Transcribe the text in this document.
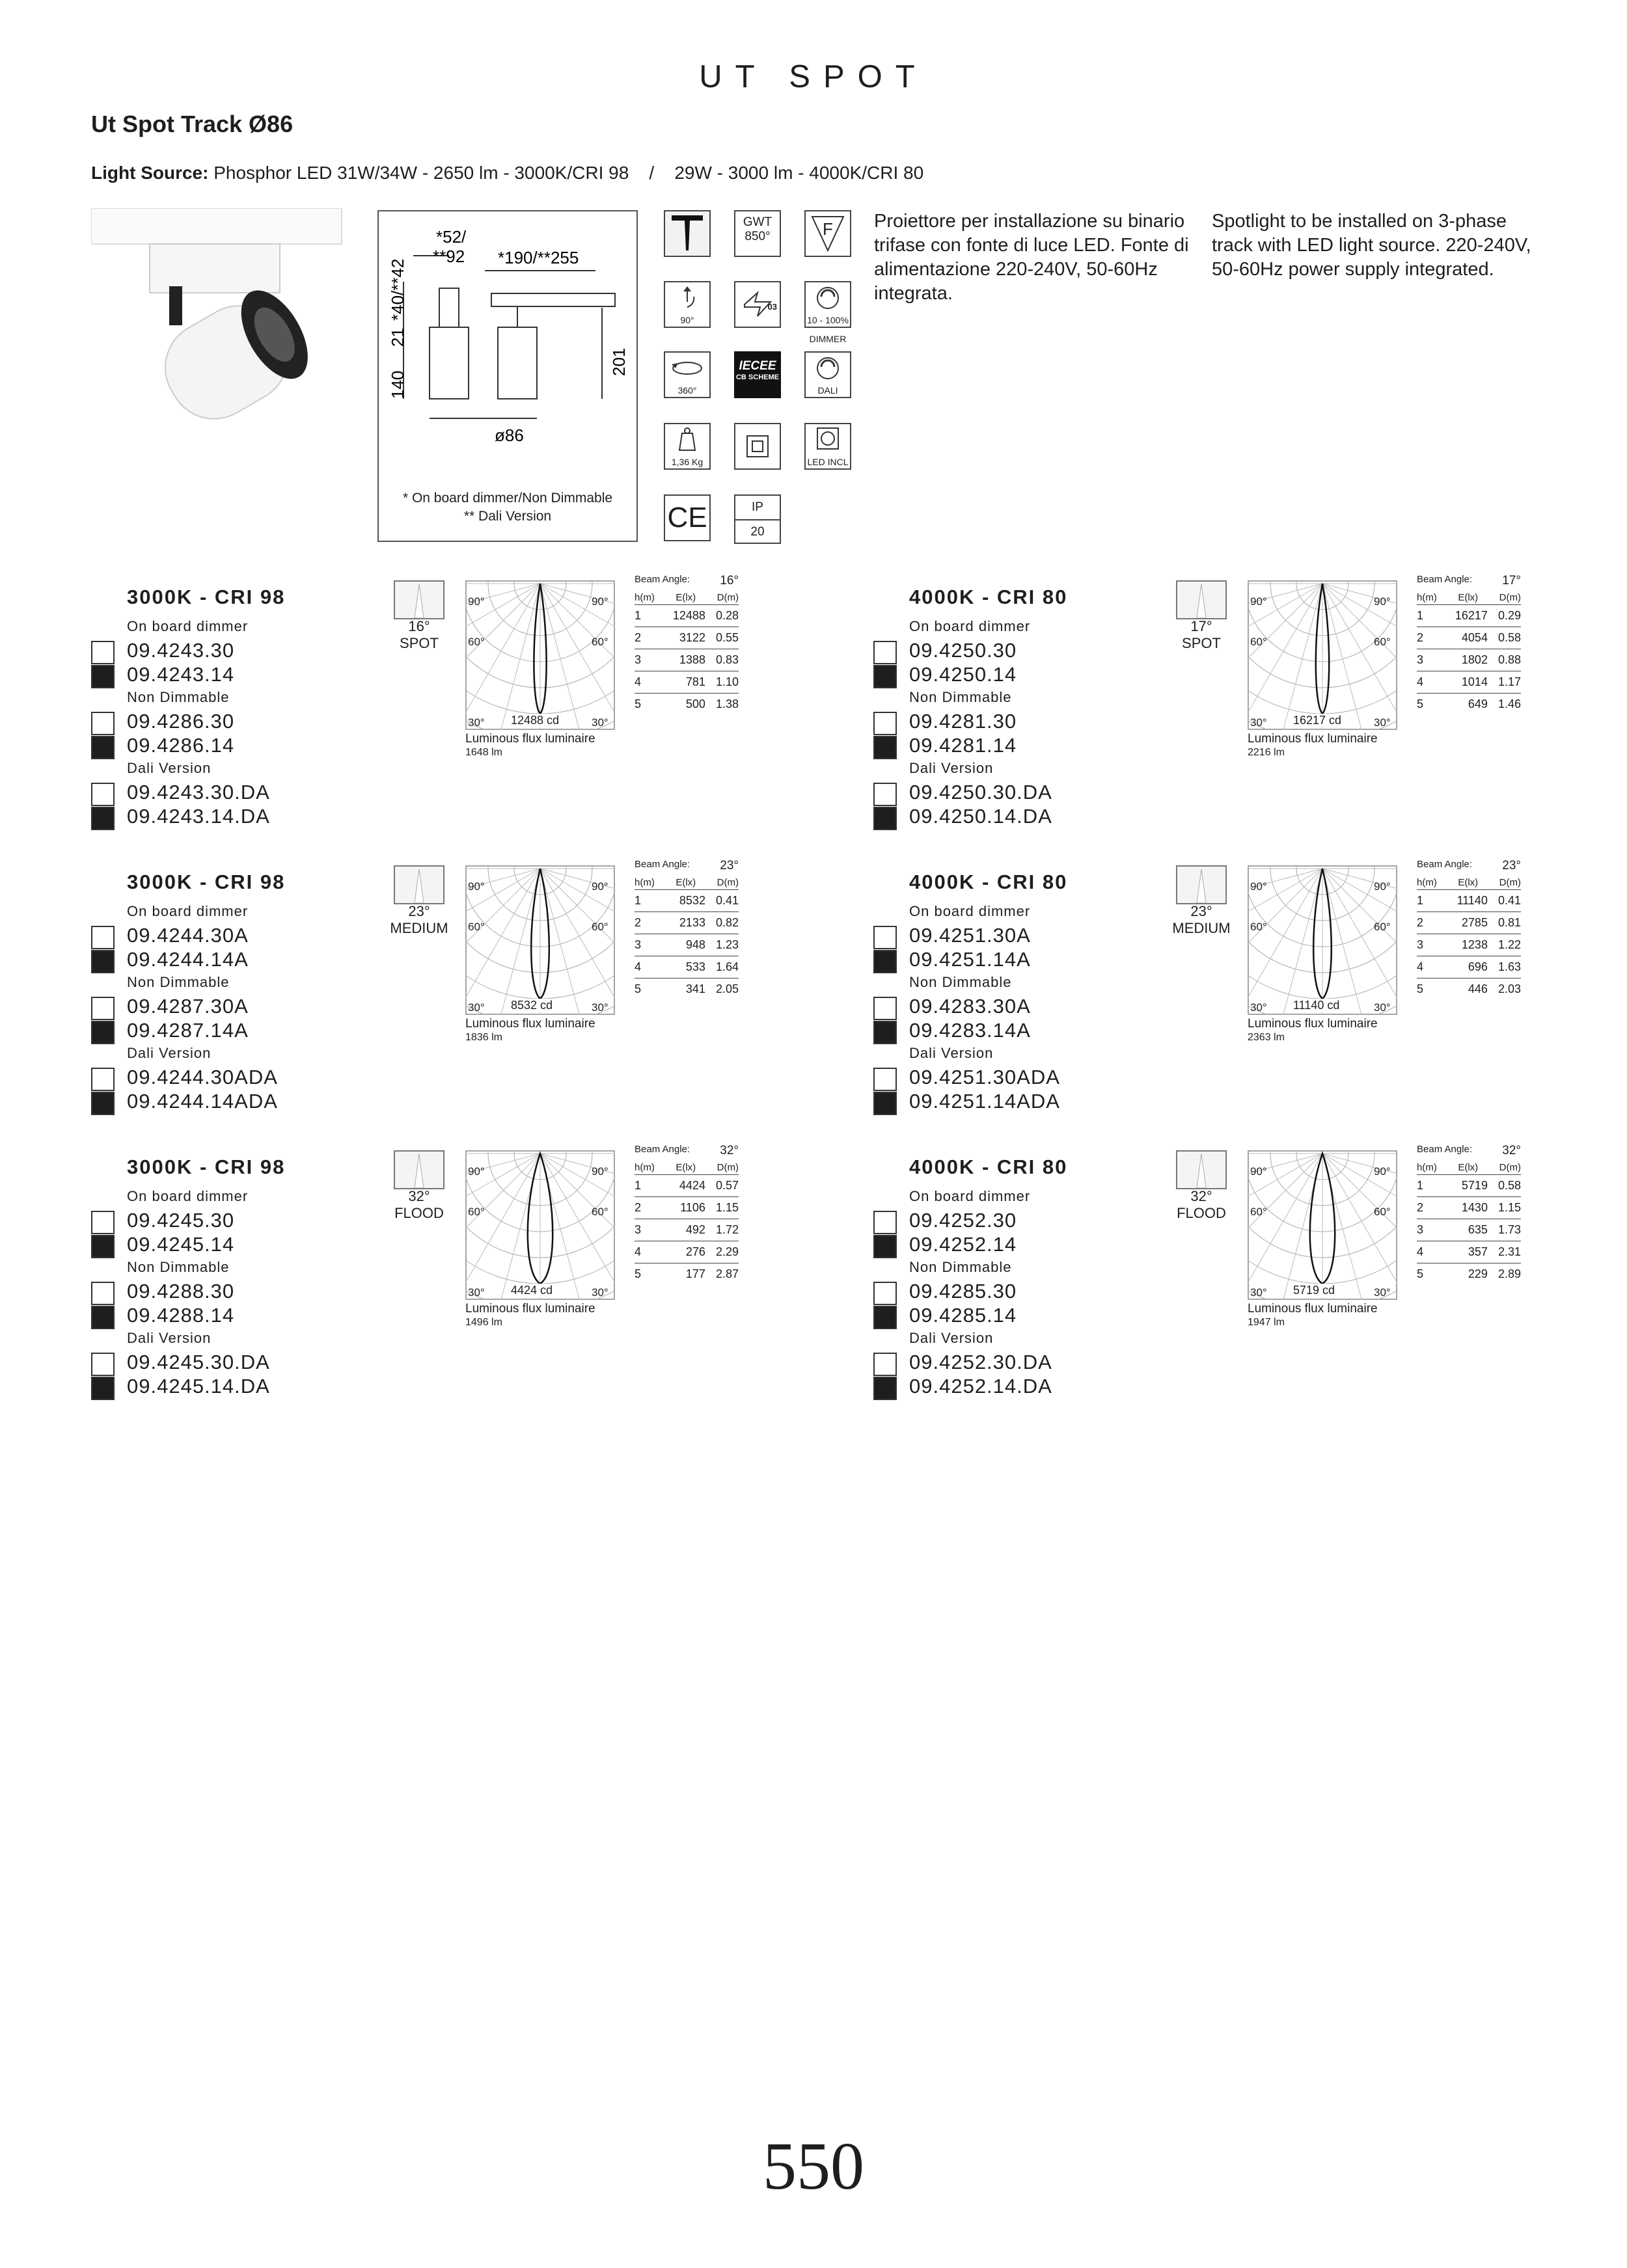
UT SPOT
Ut Spot Track Ø86
Light Source: Phosphor LED 31W/34W - 2650 lm - 3000K/CRI 98    /    29W - 3000 lm - 4000K/CRI 80
*52/
**92 *190/**255
*40/**42
21
140
201
ø86
* On board dimmer/Non Dimmable
** Dali Version
GWT
850°	F
90°
03
10 - 100%
DIMMER
360°
IECEE
CB SCHEME
DALI
1,36 Kg	LED INCL
CE	IP
20
Proiettore per installazione su binario trifase con fonte di luce LED. Fonte di alimentazione 220-240V, 50-60Hz integrata.
Spotlight to be installed on 3-phase track with LED light source. 220-240V, 50-60Hz power supply integrated.
3000K - CRI 98
On board dimmer
09.4243.30
09.4243.14
Non Dimmable
09.4286.30
09.4286.14
Dali Version
09.4243.30.DA
09.4243.14.DA
16°
SPOT
90°	90°
60°	60°
30°	30°
12488 cd
Luminous flux luminaire
1648 lm
Beam Angle: 16°
h(m) E(lx) D(m)
1	12488 0.28
2	3122 0.55
3	1388 0.83
4	781 1.10
5	500 1.38
4000K - CRI 80
On board dimmer
09.4250.30
09.4250.14
Non Dimmable
09.4281.30
09.4281.14
Dali Version
09.4250.30.DA
09.4250.14.DA
17°
SPOT
90°	90°
60°	60°
30°	30°
16217 cd
Luminous flux luminaire
2216 lm
Beam Angle: 17°
h(m) E(lx) D(m)
1	16217 0.29
2	4054 0.58
3	1802 0.88
4	1014 1.17
5	649 1.46
3000K - CRI 98
On board dimmer
09.4244.30A
09.4244.14A
Non Dimmable
09.4287.30A
09.4287.14A
Dali Version
09.4244.30ADA
09.4244.14ADA
23°
MEDIUM
90°	90°
60°	60°
30°	30°
8532 cd
Luminous flux luminaire
1836 lm
Beam Angle: 23°
h(m) E(lx) D(m)
1	8532 0.41
2	2133 0.82
3	948 1.23
4	533 1.64
5	341 2.05
4000K - CRI 80
On board dimmer
09.4251.30A
09.4251.14A
Non Dimmable
09.4283.30A
09.4283.14A
Dali Version
09.4251.30ADA
09.4251.14ADA
23°
MEDIUM
90°	90°
60°	60°
30°	30°
11140 cd
Luminous flux luminaire
2363 lm
Beam Angle: 23°
h(m) E(lx) D(m)
1	11140 0.41
2	2785 0.81
3	1238 1.22
4	696 1.63
5	446 2.03
3000K - CRI 98
On board dimmer
09.4245.30
09.4245.14
Non Dimmable
09.4288.30
09.4288.14
Dali Version
09.4245.30.DA
09.4245.14.DA
32°
FLOOD
90°	90°
60°	60°
30°	30°
4424 cd
Luminous flux luminaire
1496 lm
Beam Angle: 32°
h(m) E(lx) D(m)
1	4424 0.57
2	1106 1.15
3	492 1.72
4	276 2.29
5	177 2.87
4000K - CRI 80
On board dimmer
09.4252.30
09.4252.14
Non Dimmable
09.4285.30
09.4285.14
Dali Version
09.4252.30.DA
09.4252.14.DA
32°
FLOOD
90°	90°
60°	60°
30°	30°
5719 cd
Luminous flux luminaire
1947 lm
Beam Angle: 32°
h(m) E(lx) D(m)
1	5719 0.58
2	1430 1.15
3	635 1.73
4	357 2.31
5	229 2.89
550
